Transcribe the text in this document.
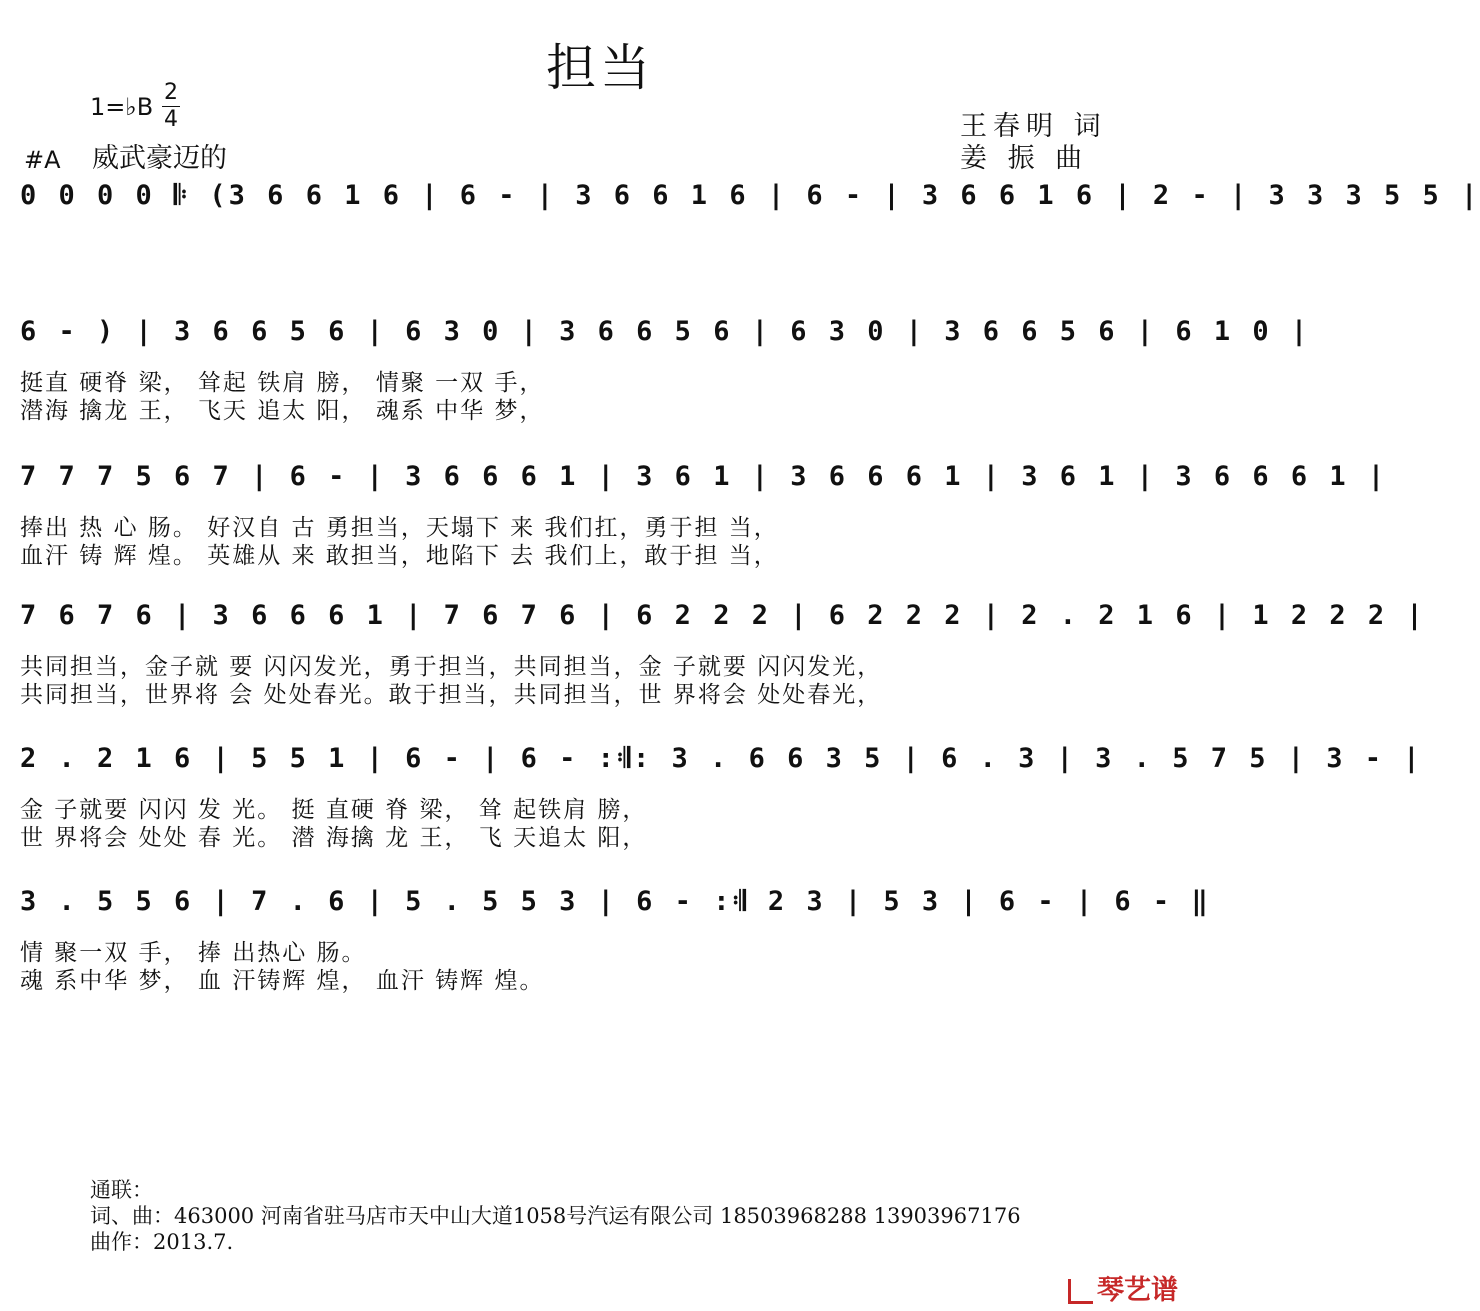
担当
1=♭B
2
4
#A 威武豪迈的
王春明 词
姜 振 曲
0 0 0 0 𝄆 (3 6 6 1 6 | 6 - | 3 6 6 1 6 | 6 - | 3 6 6 1 6 | 2 - | 3 3 3 5 5 |
6 - ) | 3 6 6 5 6 | 6 3 0 | 3 6 6 5 6 | 6 3 0 | 3 6 6 5 6 | 6 1 0 |
挺直 硬脊 梁， 耸起 铁肩 膀， 情聚 一双 手，
潜海 擒龙 王， 飞天 追太 阳， 魂系 中华 梦，
7 7 7 5 6 7 | 6 - | 3 6 6 6 1 | 3 6 1 | 3 6 6 6 1 | 3 6 1 | 3 6 6 6 1 |
捧出 热 心 肠。 好汉自 古 勇担当，天塌下 来 我们扛，勇于担 当，
血汗 铸 辉 煌。 英雄从 来 敢担当，地陷下 去 我们上，敢于担 当，
7 6 7 6 | 3 6 6 6 1 | 7 6 7 6 | 6 2 2 2 | 6 2 2 2 | 2 . 2 1 6 | 1 2 2 2 |
共同担当，金子就 要 闪闪发光，勇于担当，共同担当，金 子就要 闪闪发光，
共同担当，世界将 会 处处春光。敢于担当，共同担当，世 界将会 处处春光，
2 . 2 1 6 | 5 5 1 | 6 - | 6 - :𝄇: 3 . 6 6 3 5 | 6 . 3 | 3 . 5 7 5 | 3 - |
金 子就要 闪闪 发 光。 挺 直硬 脊 梁， 耸 起铁肩 膀，
世 界将会 处处 春 光。 潜 海擒 龙 王， 飞 天追太 阳，
3 . 5 5 6 | 7 . 6 | 5 . 5 5 3 | 6 - :𝄇 2 3 | 5 3 | 6 - | 6 - ‖
情 聚一双 手， 捧 出热心 肠。
魂 系中华 梦， 血 汗铸辉 煌， 血汗 铸辉 煌。
通联：
词、曲：463000 河南省驻马店市天中山大道1058号汽运有限公司 18503968288 13903967176
曲作：2013.7.
琴艺谱
